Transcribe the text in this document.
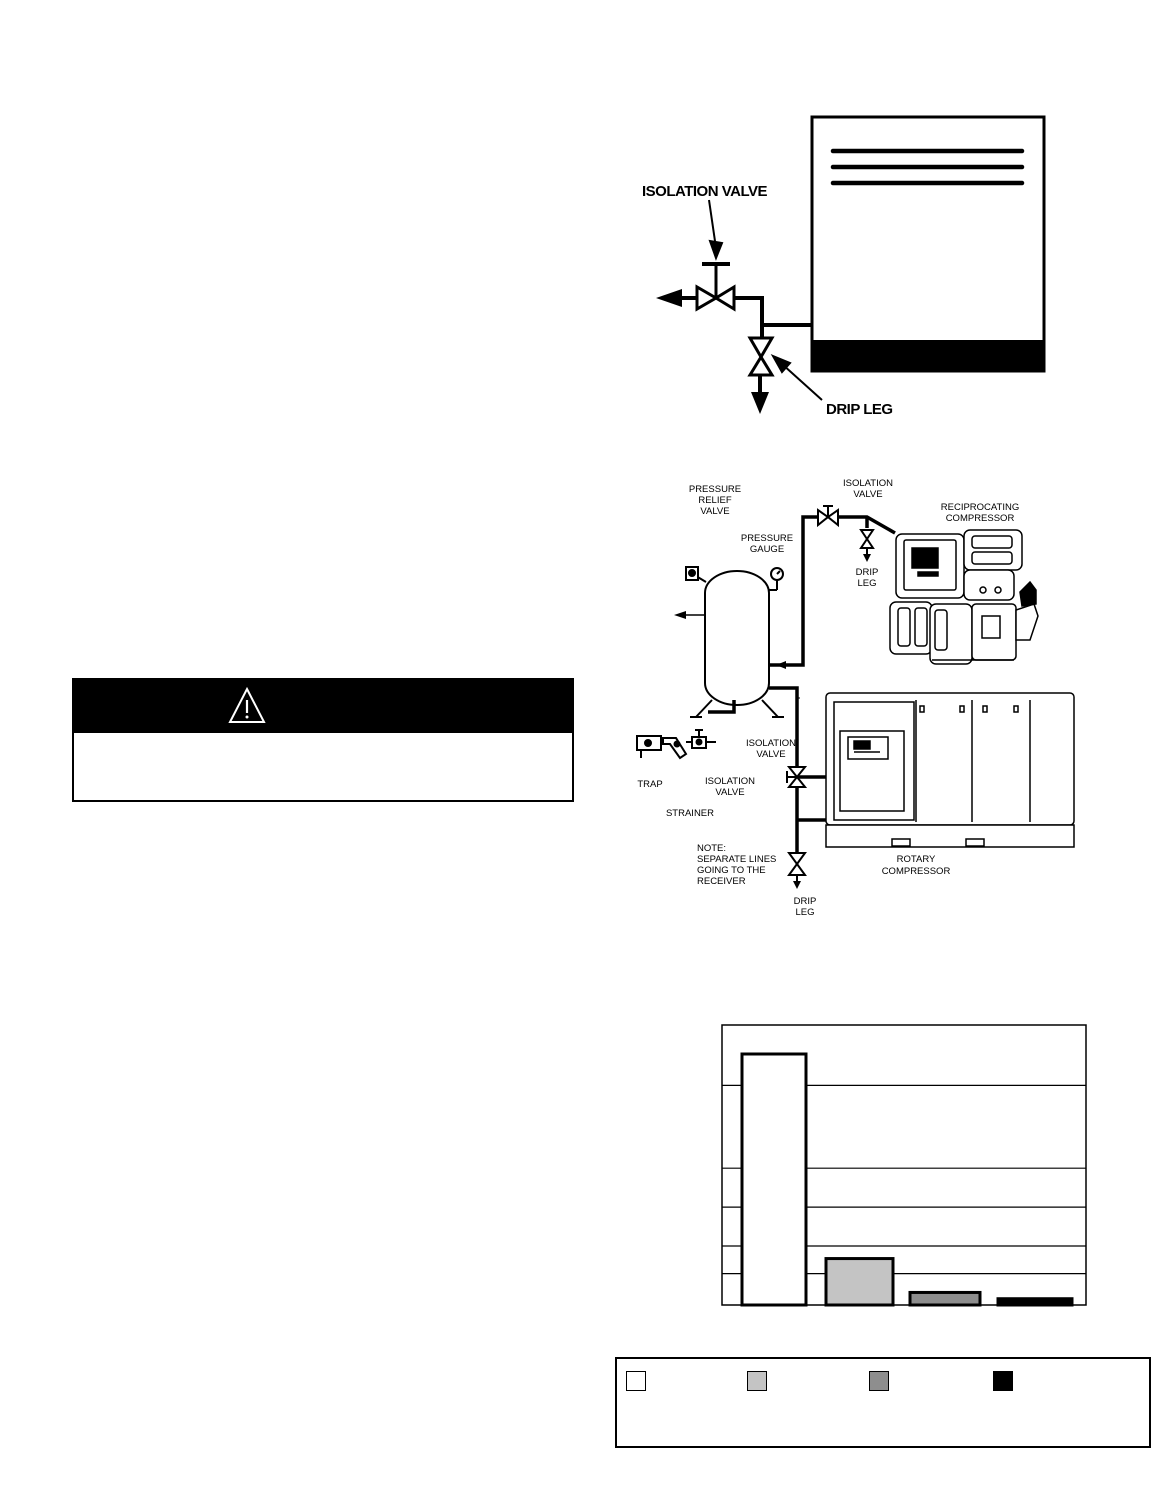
ISOLATION VALVE
DRIP LEG
PRESSURE
RELIEF
VALVE
PRESSURE
GAUGE
ISOLATION
VALVE
RECIPROCATING
COMPRESSOR
DRIP
LEG
ISOLATION
VALVE
TRAP
STRAINER
ISOLATION
VALVE
NOTE:
SEPARATE LINES
GOING TO THE
RECEIVER
ROTARY
COMPRESSOR
DRIP
LEG
